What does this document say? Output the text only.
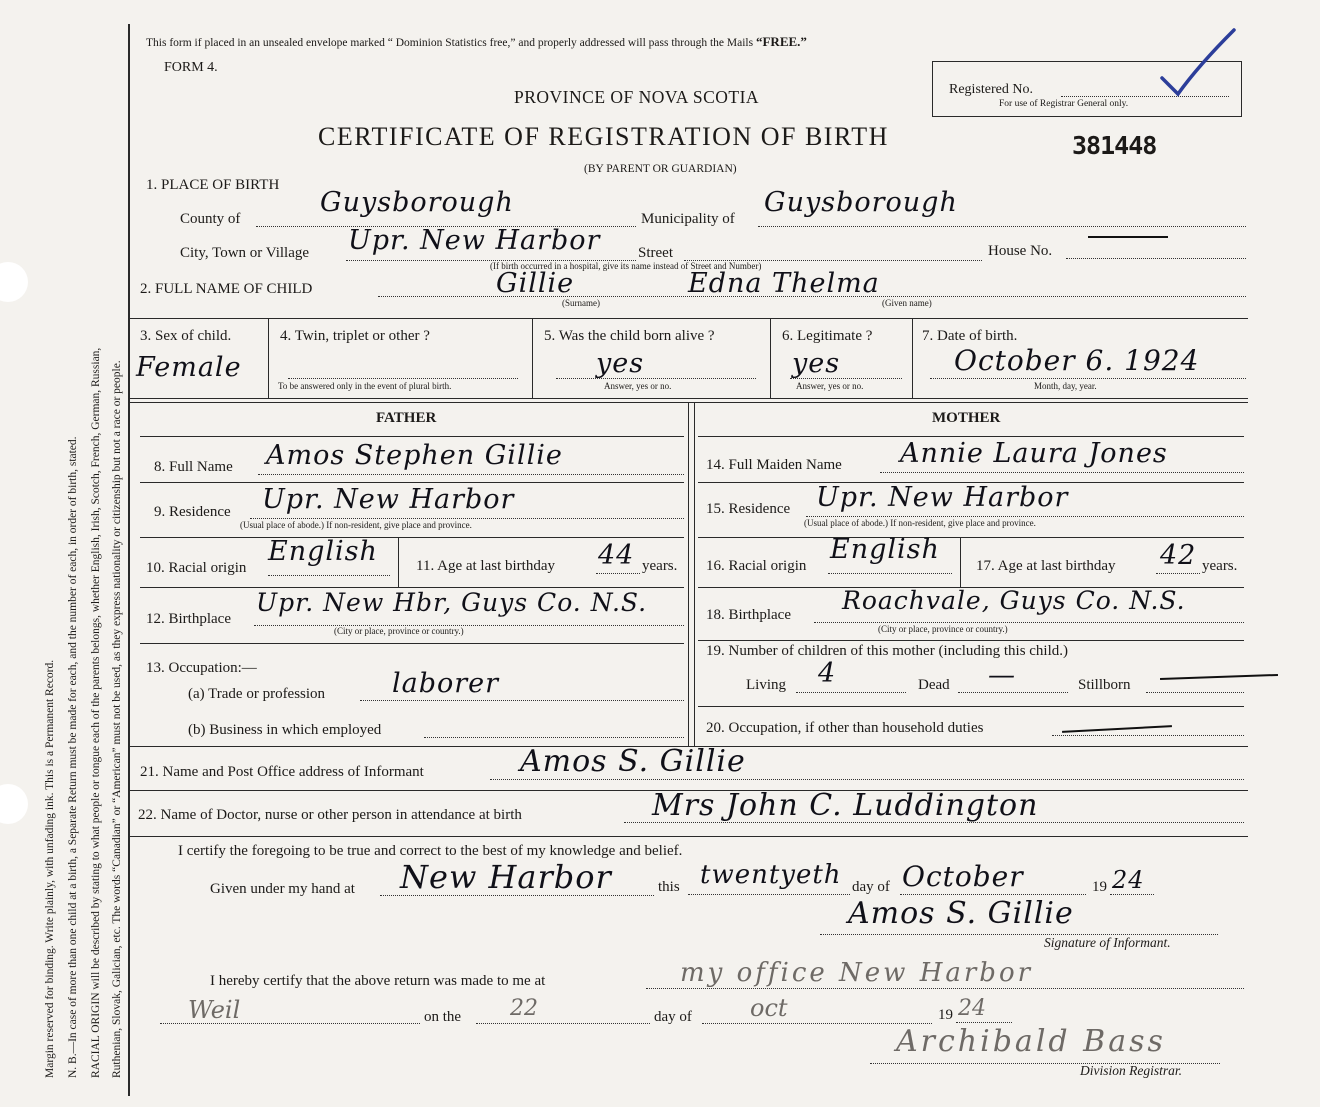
Margin reserved for binding. Write plainly, with unfading ink. This is a Permanent Record. N. B.—In case of more than one child at a birth, a Separate Return must be made for each, and the number of each, in order of birth, stated. RACIAL ORIGIN will be described by stating to what people or tongue each of the parents belongs, whether English, Irish, Scotch, French, German, Russian, Ruthenian, Slovak, Galician, etc. The words “Canadian” or “American” must not be used, as they express nationality or citizenship but not a race or people.
This form if placed in an unsealed envelope marked “ Dominion Statistics free,” and properly addressed will pass through the Mails “FREE.”
FORM 4.
PROVINCE OF NOVA SCOTIA
CERTIFICATE OF REGISTRATION OF BIRTH	381448
(BY PARENT OR GUARDIAN)
Registered No.
For use of Registrar General only.
1. PLACE OF BIRTH
County of
Guysborough
Municipality of
Guysborough
City, Town or Village Upr. New Harbor	Street	House No.
(If birth occurred in a hospital, give its name instead of Street and Number)
2. FULL NAME OF CHILD	Gillie	Edna Thelma
(Surname)	(Given name)
3. Sex of child.
Female
4. Twin, triplet or other ?
To be answered only in the event of plural birth.
5. Was the child born alive ?
yes
Answer, yes or no.
6. Legitimate ?
yes
Answer, yes or no.
7. Date of birth.
October 6. 1924
Month, day, year.
FATHER	MOTHER
8. Full Name Amos Stephen Gillie
9. Residence Upr. New Harbor
(Usual place of abode.) If non-resident, give place and province.
10. Racial origin
English	11. Age at last birthday 44 years.
12. Birthplace
Upr. New Hbr, Guys Co. N.S.
(City or place, province or country.)
13. Occupation:—
(a) Trade or profession laborer
(b) Business in which employed
14. Full Maiden Name Annie Laura Jones
15. Residence Upr. New Harbor
(Usual place of abode.) If non-resident, give place and province.
16. Racial origin
English
17. Age at last birthday 42 years.
18. Birthplace Roachvale, Guys Co. N.S.
(City or place, province or country.)
19. Number of children of this mother (including this child.)
Living 4	Dead —	Stillborn
20. Occupation, if other than household duties
21. Name and Post Office address of Informant	Amos S. Gillie
22. Name of Doctor, nurse or other person in attendance at birth	Mrs John C. Luddington
I certify the foregoing to be true and correct to the best of my knowledge and belief.
Given under my hand at New Harbor	this twentyeth day of October	19 24
Amos S. Gillie
Signature of Informant.
I hereby certify that the above return was made to me at	my office New Harbor
Weil	on the 22	day of oct	19 24
Archibald Bass
Division Registrar.
